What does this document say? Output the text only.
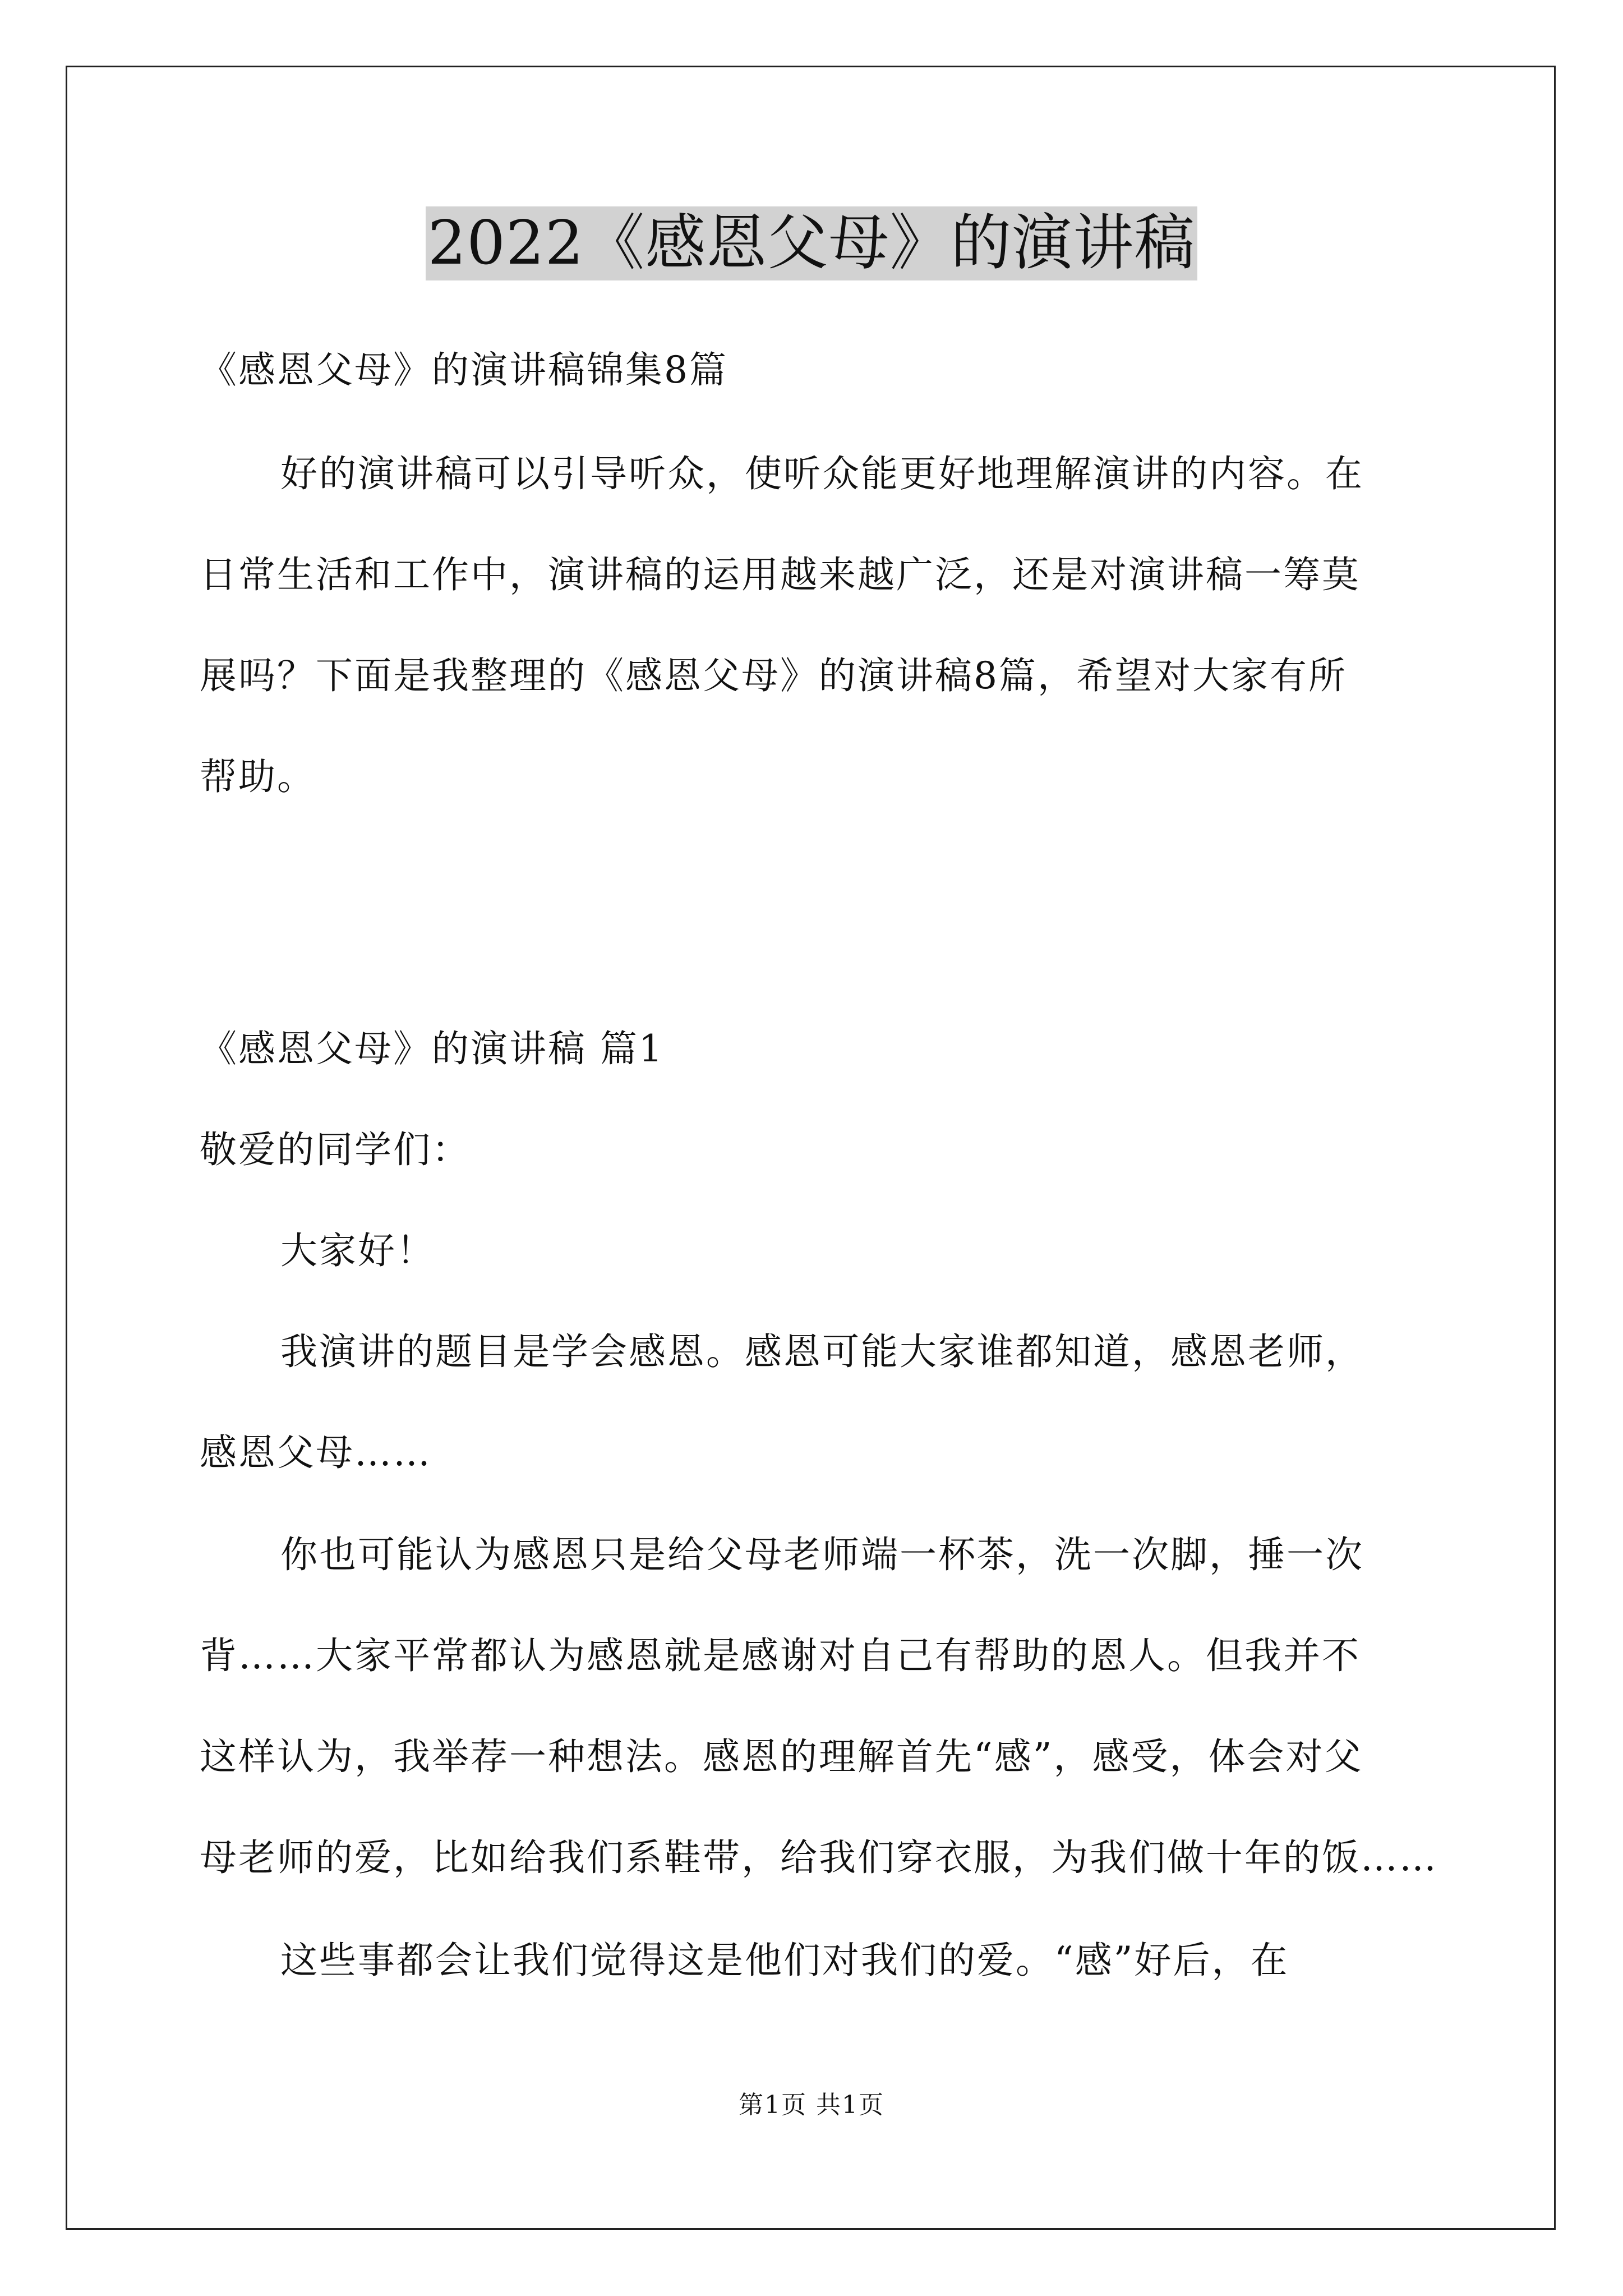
2022《感恩父母》的演讲稿
《感恩父母》的演讲稿锦集8篇
好的演讲稿可以引导听众，使听众能更好地理解演讲的内容。在
日常生活和工作中，演讲稿的运用越来越广泛，还是对演讲稿一筹莫
展吗？下面是我整理的《感恩父母》的演讲稿8篇，希望对大家有所
帮助。
《感恩父母》的演讲稿 篇1
敬爱的同学们：
大家好！
我演讲的题目是学会感恩。感恩可能大家谁都知道，感恩老师，
感恩父母……
你也可能认为感恩只是给父母老师端一杯茶，洗一次脚，捶一次
背……大家平常都认为感恩就是感谢对自己有帮助的恩人。但我并不
这样认为，我举荐一种想法。感恩的理解首先“感”，感受，体会对父
母老师的爱，比如给我们系鞋带，给我们穿衣服，为我们做十年的饭……
这些事都会让我们觉得这是他们对我们的爱。“感”好后，在
第1页 共1页
